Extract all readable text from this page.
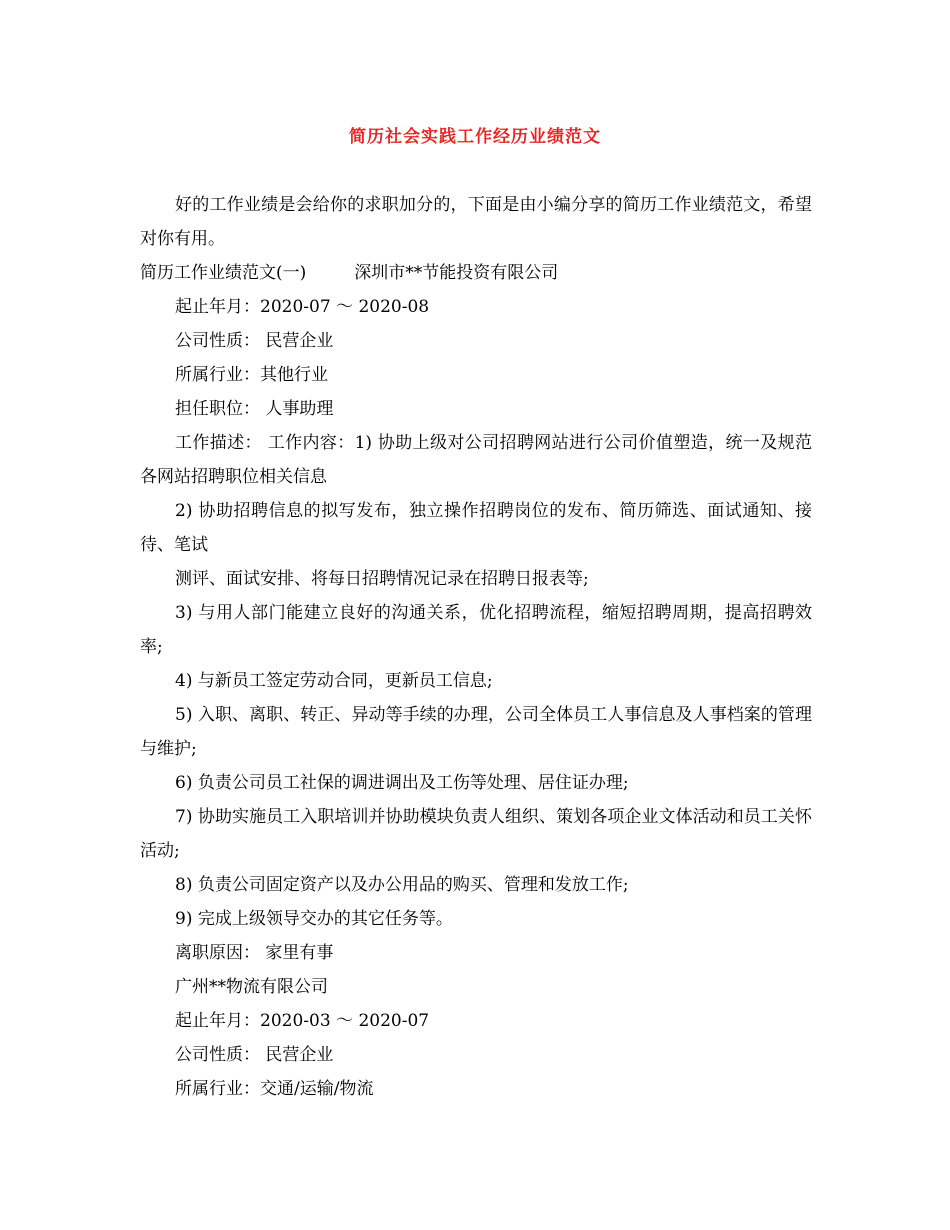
简历社会实践工作经历业绩范文

好的工作业绩是会给你的求职加分的，下面是由小编分享的简历工作业绩范文，希望对你有用。

简历工作业绩范文(一)	深圳市**节能投资有限公司

起止年月：2020-07 ～ 2020-08

公司性质： 民营企业

所属行业：其他行业

担任职位： 人事助理

工作描述： 工作内容：1) 协助上级对公司招聘网站进行公司价值塑造，统一及规范各网站招聘职位相关信息

2) 协助招聘信息的拟写发布，独立操作招聘岗位的发布、简历筛选、面试通知、接待、笔试

测评、面试安排、将每日招聘情况记录在招聘日报表等;

3) 与用人部门能建立良好的沟通关系，优化招聘流程，缩短招聘周期，提高招聘效率;

4) 与新员工签定劳动合同，更新员工信息;

5) 入职、离职、转正、异动等手续的办理，公司全体员工人事信息及人事档案的管理与维护;

6) 负责公司员工社保的调进调出及工伤等处理、居住证办理;

7) 协助实施员工入职培训并协助模块负责人组织、策划各项企业文体活动和员工关怀活动;

8) 负责公司固定资产以及办公用品的购买、管理和发放工作;

9) 完成上级领导交办的其它任务等。

离职原因： 家里有事

广州**物流有限公司

起止年月：2020-03 ～ 2020-07

公司性质： 民营企业

所属行业：交通/运输/物流
